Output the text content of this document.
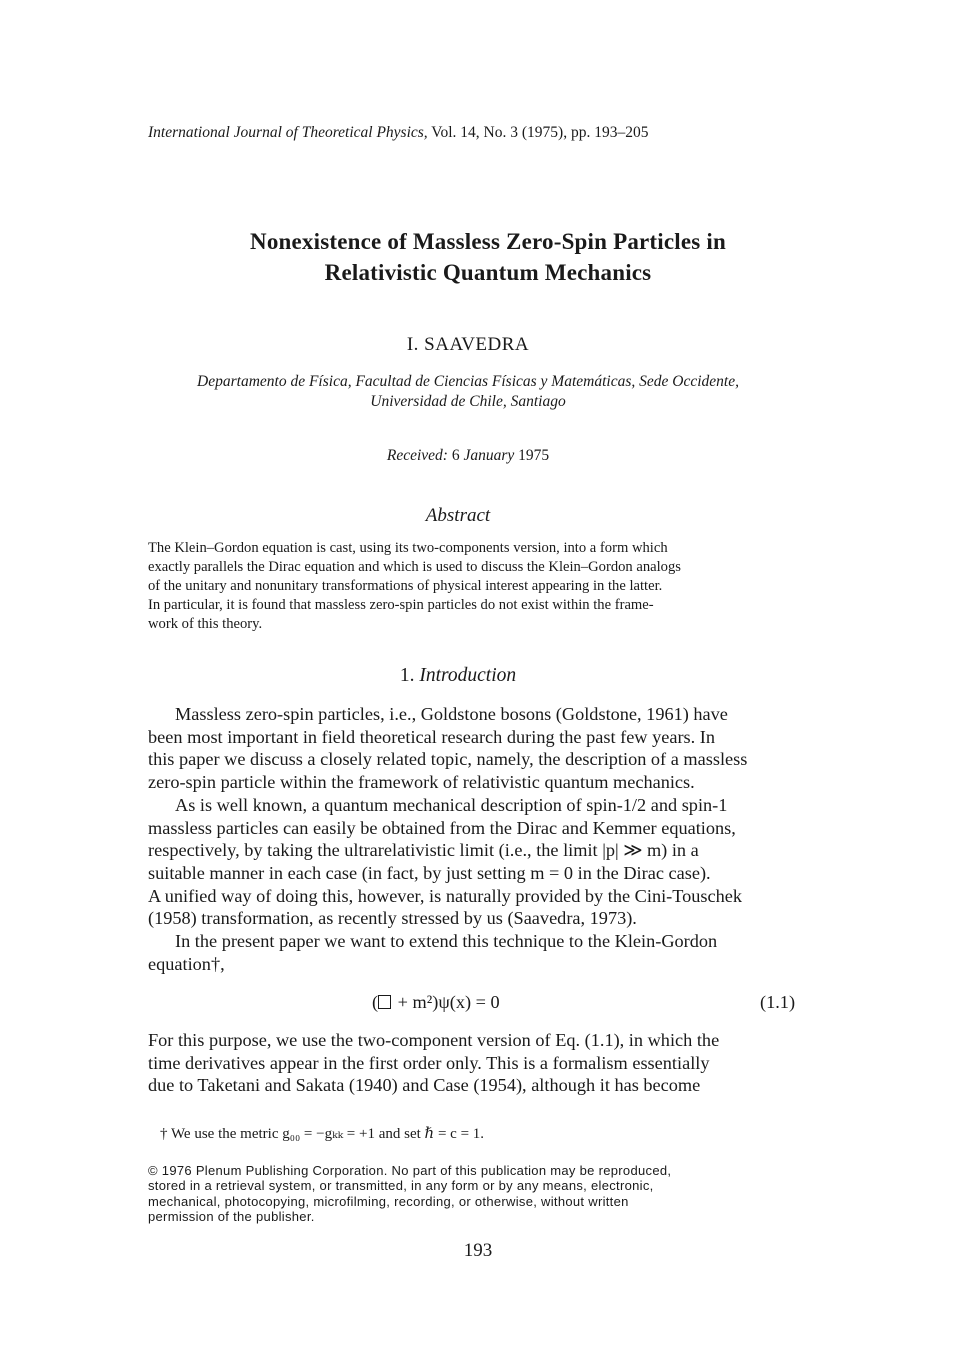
International Journal of Theoretical Physics, Vol. 14, No. 3 (1975), pp. 193–205
Nonexistence of Massless Zero-Spin Particles in
Relativistic Quantum Mechanics
I. SAAVEDRA
Departamento de Física, Facultad de Ciencias Físicas y Matemáticas, Sede Occidente,
Universidad de Chile, Santiago
Received: 6 January 1975
Abstract
The Klein–Gordon equation is cast, using its two-components version, into a form which
exactly parallels the Dirac equation and which is used to discuss the Klein–Gordon analogs
of the unitary and nonunitary transformations of physical interest appearing in the latter.
In particular, it is found that massless zero-spin particles do not exist within the frame-
work of this theory.
1. Introduction
Massless zero-spin particles, i.e., Goldstone bosons (Goldstone, 1961) have
been most important in field theoretical research during the past few years. In
this paper we discuss a closely related topic, namely, the description of a massless
zero-spin particle within the framework of relativistic quantum mechanics.
As is well known, a quantum mechanical description of spin-1/2 and spin-1
massless particles can easily be obtained from the Dirac and Kemmer equations,
respectively, by taking the ultrarelativistic limit (i.e., the limit |p| ≫ m) in a
suitable manner in each case (in fact, by just setting m = 0 in the Dirac case).
A unified way of doing this, however, is naturally provided by the Cini-Touschek
(1958) transformation, as recently stressed by us (Saavedra, 1973).
In the present paper we want to extend this technique to the Klein-Gordon
equation†,
( + m²)ψ(x) = 0	(1.1)
For this purpose, we use the two-component version of Eq. (1.1), in which the
time derivatives appear in the first order only. This is a formalism essentially
due to Taketani and Sakata (1940) and Case (1954), although it has become
† We use the metric g₀₀ = −gₖₖ = +1 and set ℏ = c = 1.
© 1976 Plenum Publishing Corporation. No part of this publication may be reproduced,
stored in a retrieval system, or transmitted, in any form or by any means, electronic,
mechanical, photocopying, microfilming, recording, or otherwise, without written
permission of the publisher.
193
